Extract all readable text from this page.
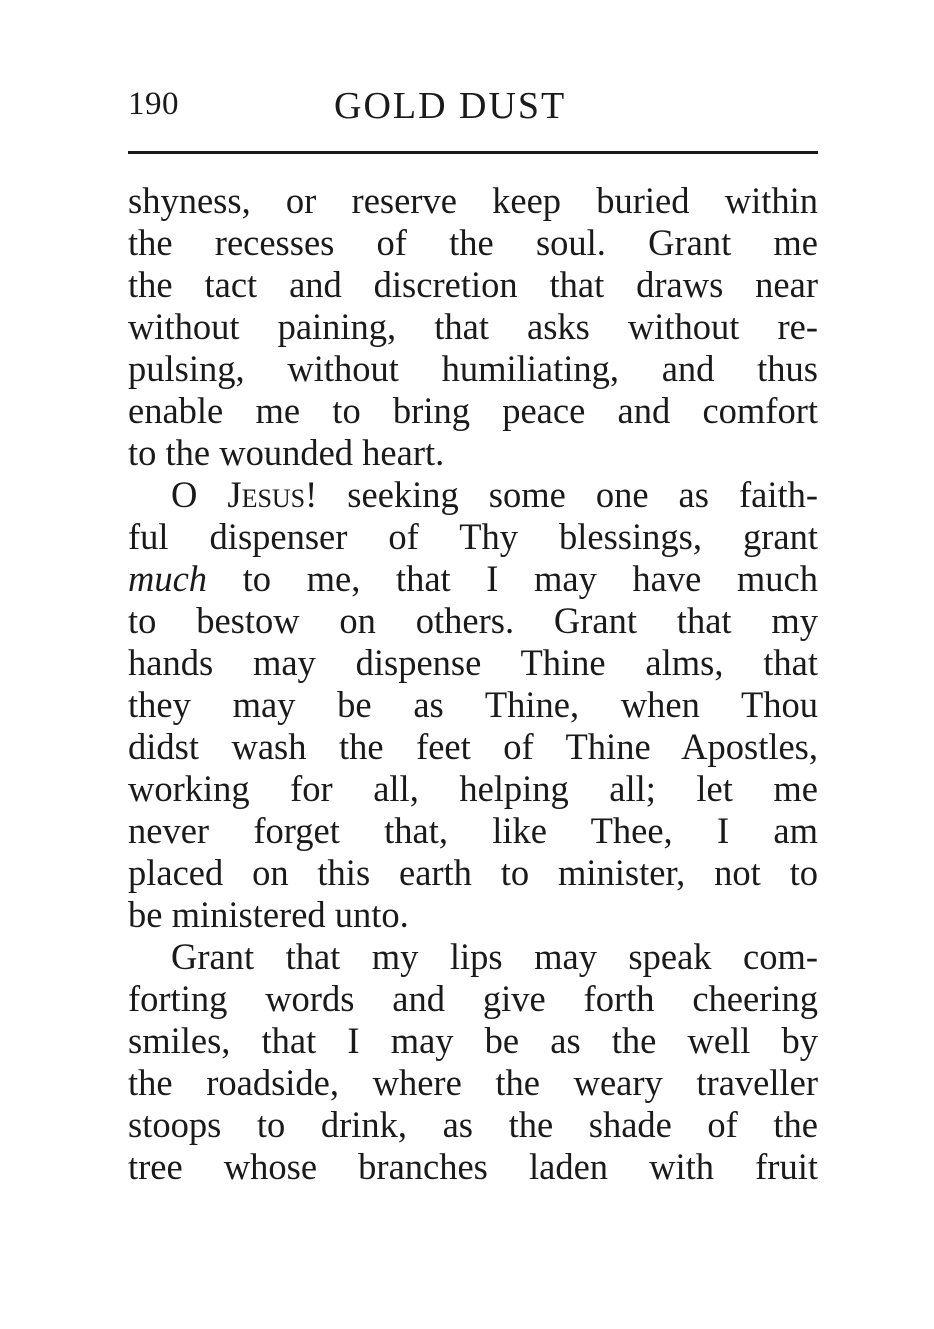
190	GOLD DUST
shyness, or reserve keep buried within
the recesses of the soul. Grant me
the tact and discretion that draws near
without paining, that asks without re-
pulsing, without humiliating, and thus
enable me to bring peace and comfort
to the wounded heart.
O Jesus! seeking some one as faith-
ful dispenser of Thy blessings, grant
much to me, that I may have much
to bestow on others. Grant that my
hands may dispense Thine alms, that
they may be as Thine, when Thou
didst wash the feet of Thine Apostles,
working for all, helping all; let me
never forget that, like Thee, I am
placed on this earth to minister, not to
be ministered unto.
Grant that my lips may speak com-
forting words and give forth cheering
smiles, that I may be as the well by
the roadside, where the weary traveller
stoops to drink, as the shade of the
tree whose branches laden with fruit
